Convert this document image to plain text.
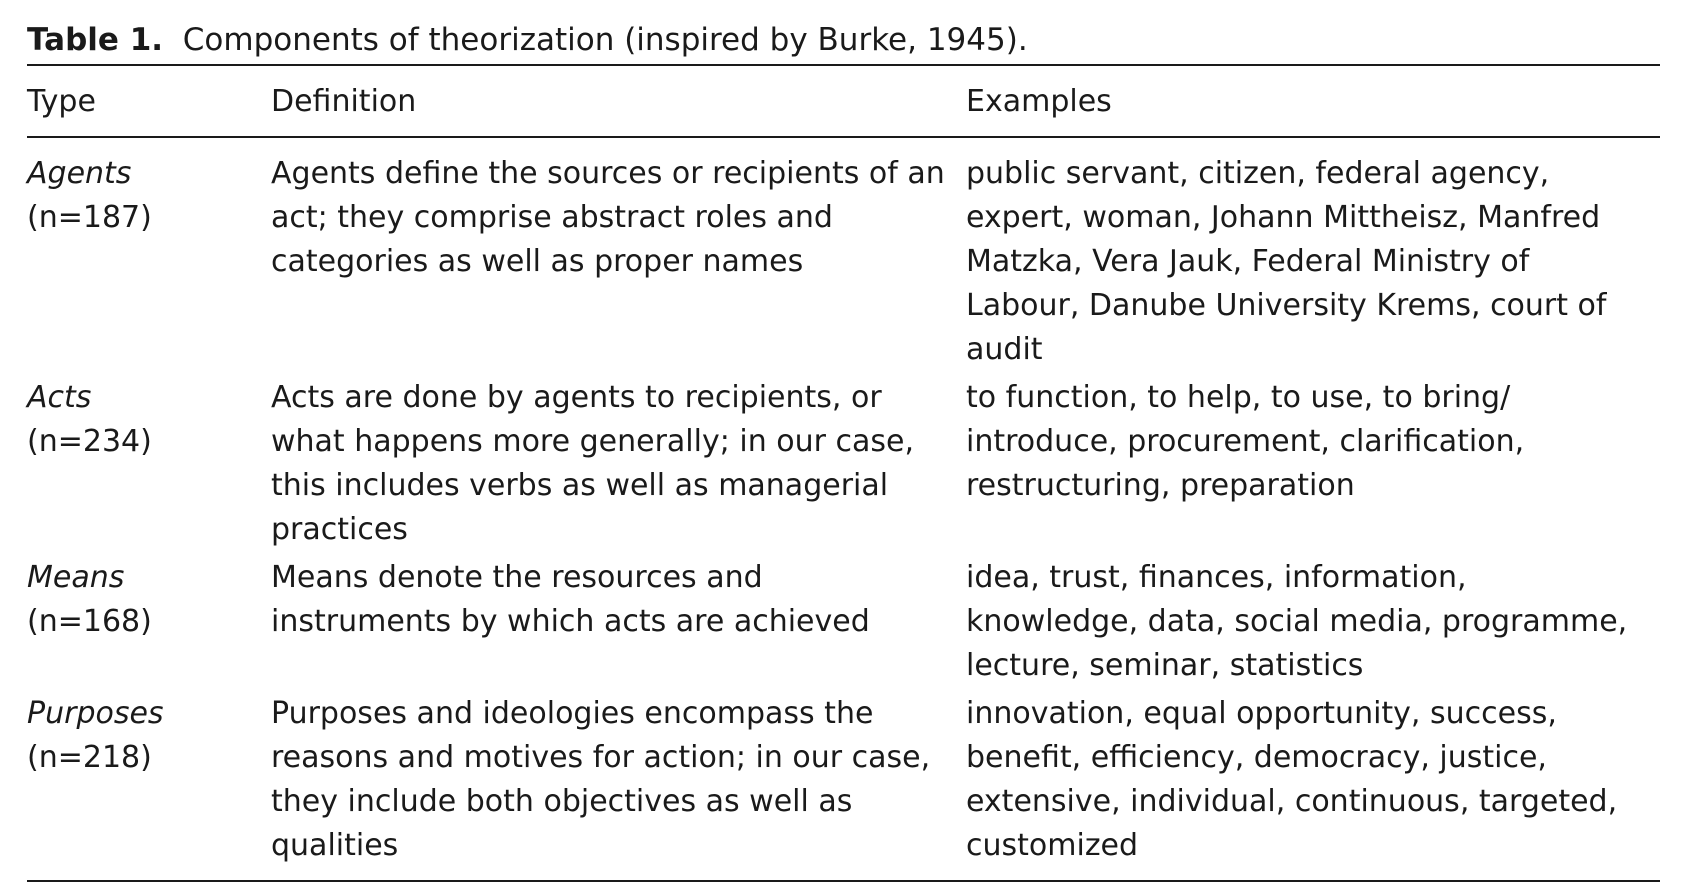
Table 1. Components of theorization (inspired by Burke, 1945).

Type	Definition	Examples

Agents
(n=187)	Agents define the sources or recipients of an act; they comprise abstract roles and categories as well as proper names	public servant, citizen, federal agency, expert, woman, Johann Mittheisz, Manfred Matzka, Vera Jauk, Federal Ministry of Labour, Danube University Krems, court of audit

Acts
(n=234)	Acts are done by agents to recipients, or what happens more generally; in our case, this includes verbs as well as managerial practices	to function, to help, to use, to bring/ introduce, procurement, clarification, restructuring, preparation

Means
(n=168)	Means denote the resources and instruments by which acts are achieved	idea, trust, finances, information, knowledge, data, social media, programme, lecture, seminar, statistics

Purposes
(n=218)	Purposes and ideologies encompass the reasons and motives for action; in our case, they include both objectives as well as qualities	innovation, equal opportunity, success, benefit, efficiency, democracy, justice, extensive, individual, continuous, targeted, customized
